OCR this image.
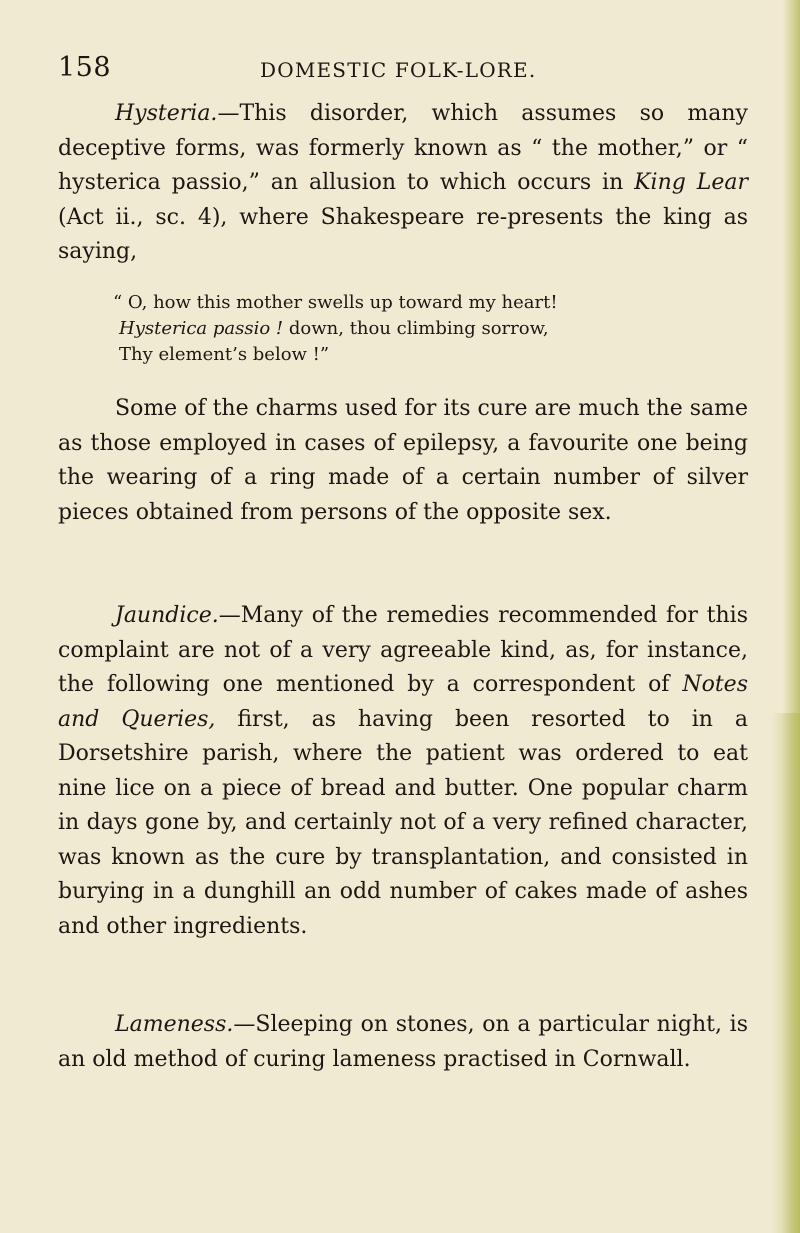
158	DOMESTIC FOLK-LORE.

Hysteria.—This disorder, which assumes so many deceptive forms, was formerly known as “ the mother,” or “ hysterica passio,” an allusion to which occurs in King Lear (Act ii., sc. 4), where Shakespeare re-presents the king as saying,

“ O, how this mother swells up toward my heart!
Hysterica passio ! down, thou climbing sorrow,
Thy element’s below !”

Some of the charms used for its cure are much the same as those employed in cases of epilepsy, a favourite one being the wearing of a ring made of a certain number of silver pieces obtained from persons of the opposite sex.

Jaundice.—Many of the remedies recommended for this complaint are not of a very agreeable kind, as, for instance, the following one mentioned by a correspondent of Notes and Queries, first, as having been resorted to in a Dorsetshire parish, where the patient was ordered to eat nine lice on a piece of bread and butter. One popular charm in days gone by, and certainly not of a very refined character, was known as the cure by transplantation, and consisted in burying in a dunghill an odd number of cakes made of ashes and other ingredients.

Lameness.—Sleeping on stones, on a particular night, is an old method of curing lameness practised in Cornwall.
